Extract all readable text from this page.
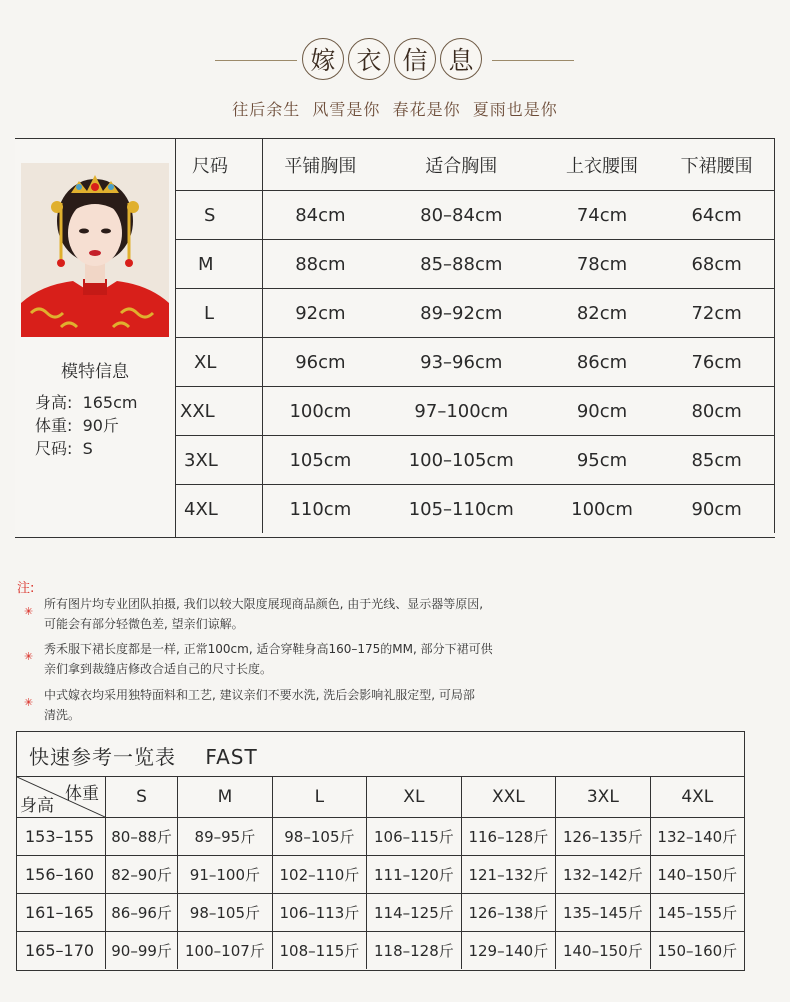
嫁 衣 信 息
往后余生  风雪是你  春花是你  夏雨也是你
模特信息
身高:  165cm
体重:  90斤
尺码:  S
尺码	平铺胸围	适合胸围	上衣腰围	下裙腰围
S	84cm	80–84cm	74cm	64cm
M	88cm	85–88cm	78cm	68cm
L	92cm	89–92cm	82cm	72cm
XL	96cm	93–96cm	86cm	76cm
XXL	100cm	97–100cm	90cm	80cm
3XL	105cm	100–105cm	95cm	85cm
4XL	110cm	105–110cm	100cm	90cm
注:
✳
所有图片均专业团队拍摄, 我们以较大限度展现商品颜色, 由于光线、显示器等原因,
可能会有部分轻微色差, 望亲们谅解。
✳
秀禾服下裙长度都是一样, 正常100cm, 适合穿鞋身高160–175的MM, 部分下裙可供
亲们拿到裁缝店修改合适自己的尺寸长度。
✳
中式嫁衣均采用独特面料和工艺, 建议亲们不要水洗, 洗后会影响礼服定型, 可局部
清洗。
快速参考一览表    FAST
体重
身高	S	M	L	XL	XXL	3XL	4XL
153–155	80–88斤	89–95斤	98–105斤	106–115斤	116–128斤	126–135斤	132–140斤
156–160	82–90斤	91–100斤	102–110斤	111–120斤	121–132斤	132–142斤	140–150斤
161–165	86–96斤	98–105斤	106–113斤	114–125斤	126–138斤	135–145斤	145–155斤
165–170	90–99斤	100–107斤	108–115斤	118–128斤	129–140斤	140–150斤	150–160斤
